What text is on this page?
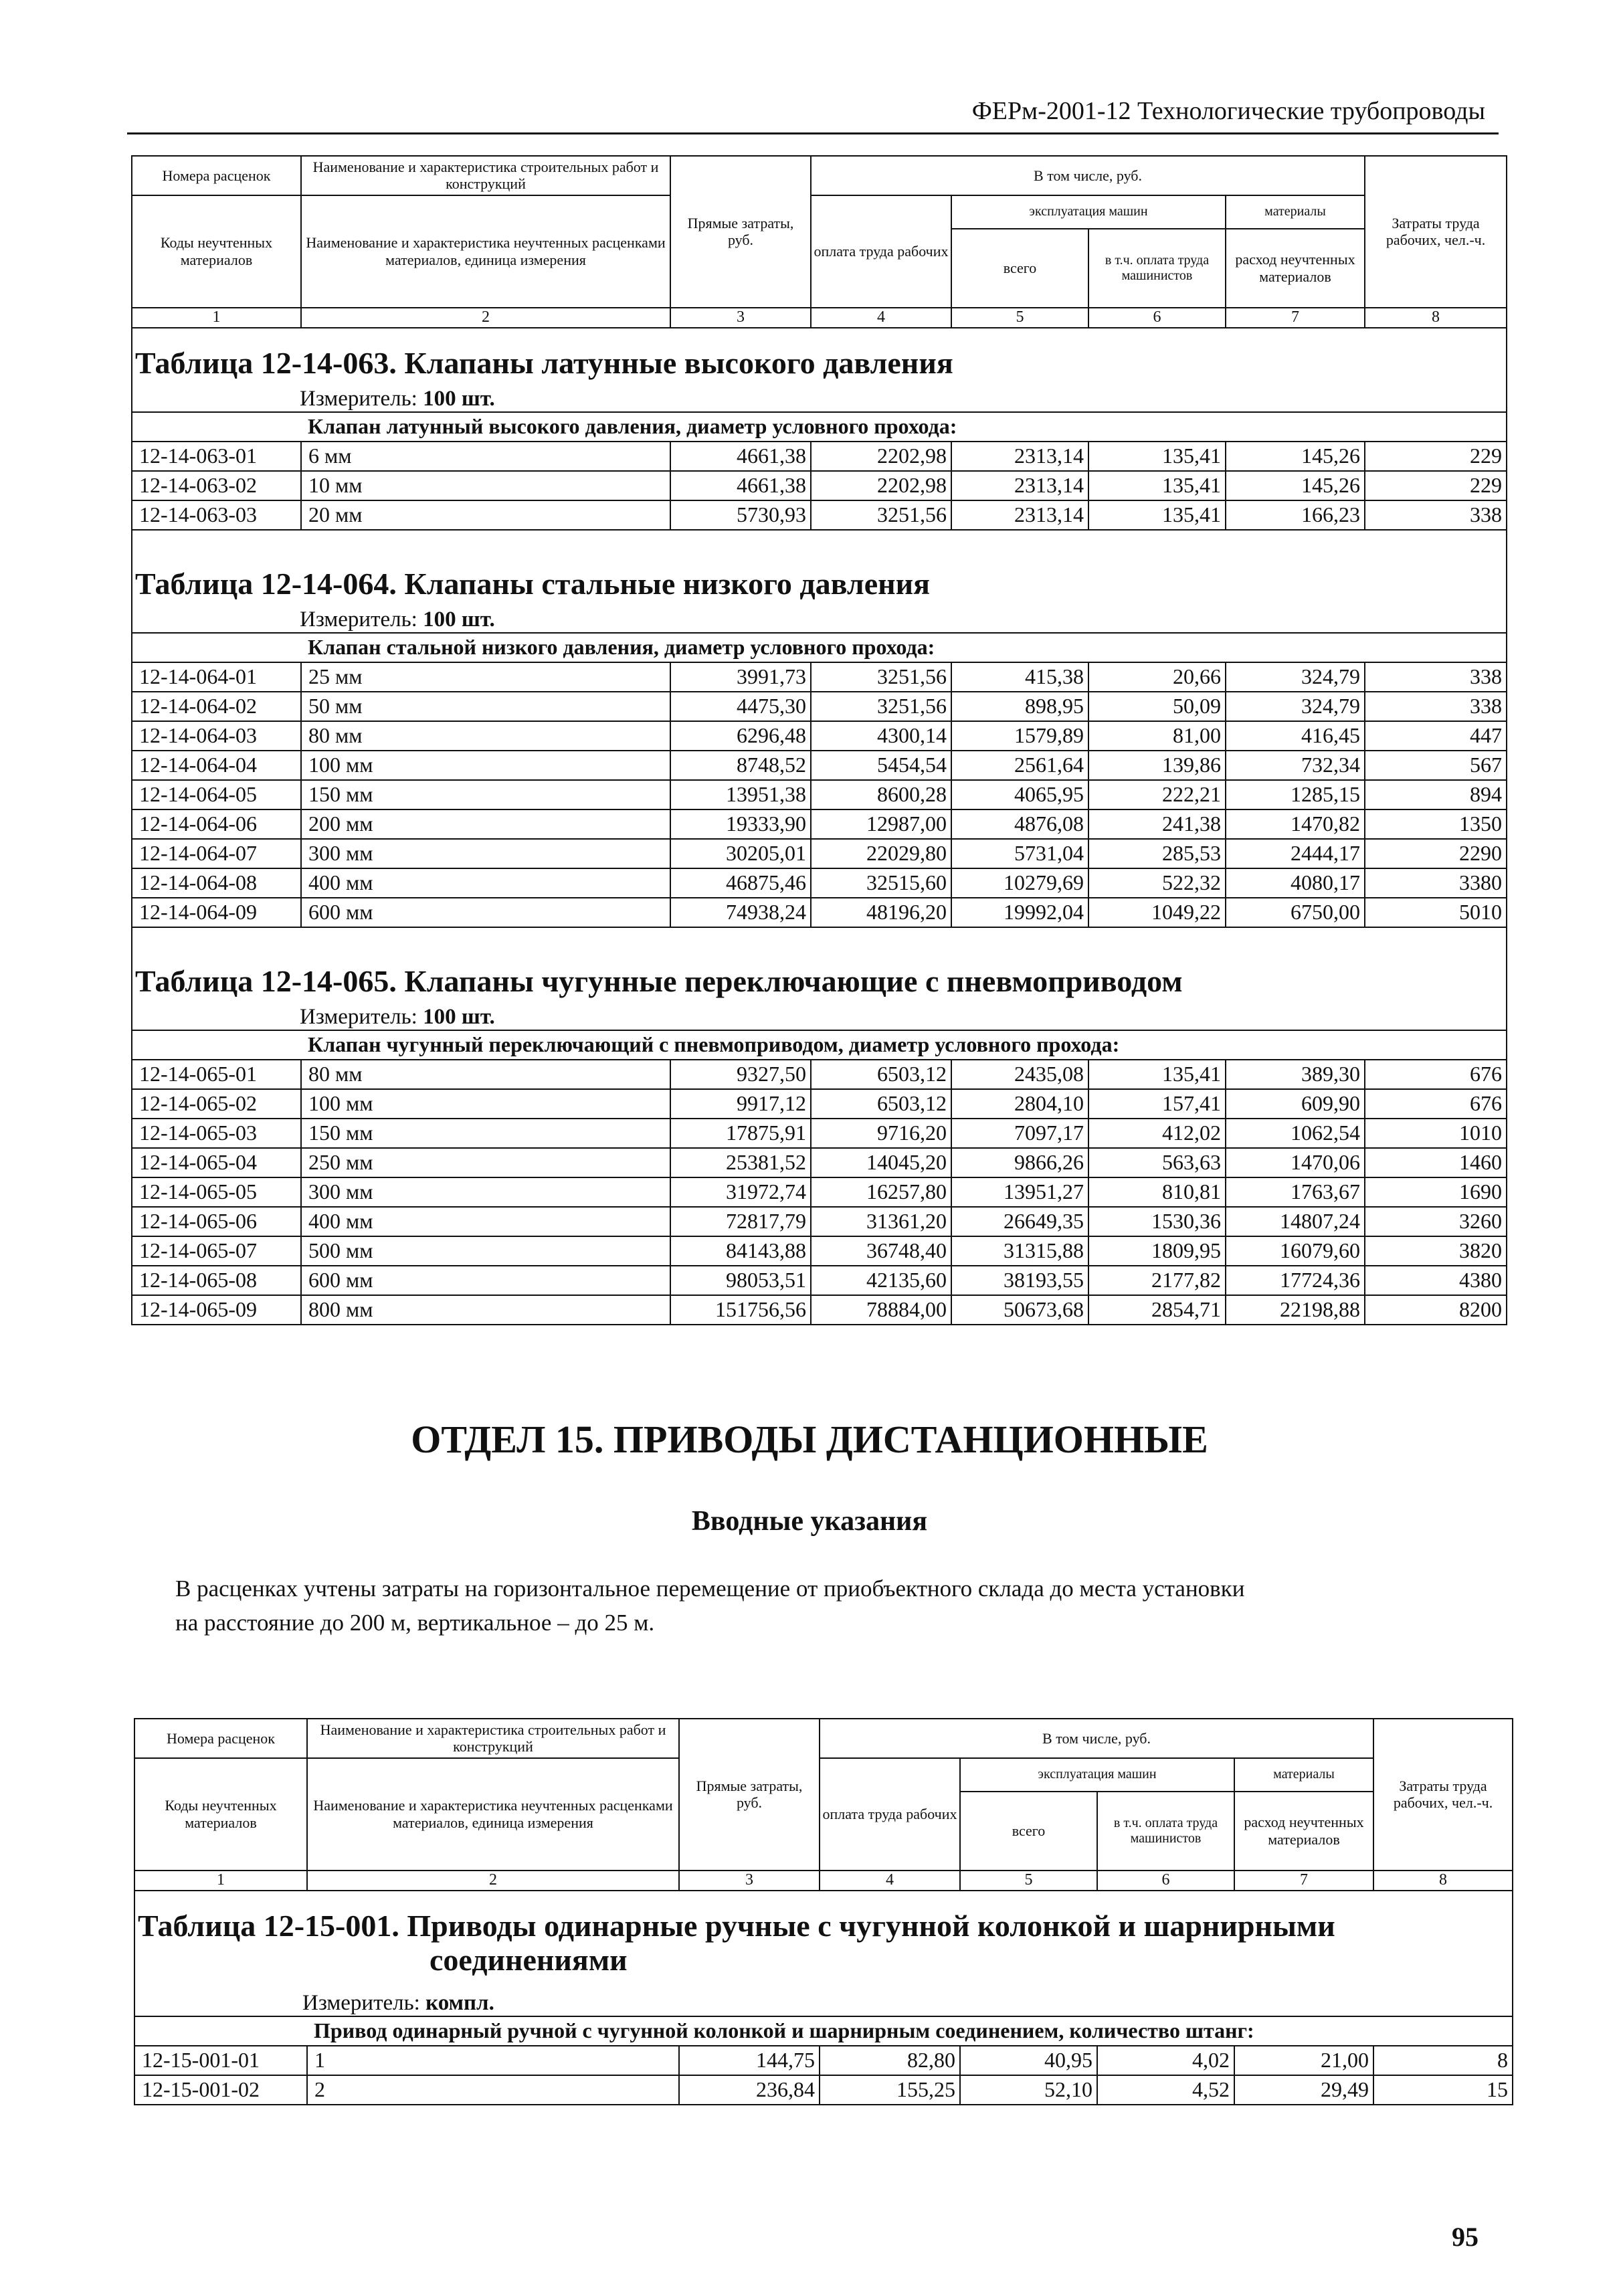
ФЕРм-2001-12 Технологические трубопроводы
Номера расценок	Наименование и характеристика строительных работ и конструкций	Прямые затраты, руб.	В том числе, руб.				Затраты труда рабочих, чел.-ч.
Коды неучтенных материалов	Наименование и характеристика неучтенных расценками материалов, единица измерения		оплата труда рабочих	эксплуатация машин		материалы	
				всего	в т.ч. оплата труда машинистов	расход неучтенных материалов	
1	2	3	4	5	6	7	8
Таблица 12-14-063. Клапаны латунные высокого давления							
Измеритель: 100 шт.							
	Клапан латунный высокого давления, диаметр условного прохода:						
12-14-063-01	6 мм	4661,38	2202,98	2313,14	135,41	145,26	229
12-14-063-02	10 мм	4661,38	2202,98	2313,14	135,41	145,26	229
12-14-063-03	20 мм	5730,93	3251,56	2313,14	135,41	166,23	338

Таблица 12-14-064. Клапаны стальные низкого давления							
Измеритель: 100 шт.							
	Клапан стальной низкого давления, диаметр условного прохода:						
12-14-064-01	25 мм	3991,73	3251,56	415,38	20,66	324,79	338
12-14-064-02	50 мм	4475,30	3251,56	898,95	50,09	324,79	338
12-14-064-03	80 мм	6296,48	4300,14	1579,89	81,00	416,45	447
12-14-064-04	100 мм	8748,52	5454,54	2561,64	139,86	732,34	567
12-14-064-05	150 мм	13951,38	8600,28	4065,95	222,21	1285,15	894
12-14-064-06	200 мм	19333,90	12987,00	4876,08	241,38	1470,82	1350
12-14-064-07	300 мм	30205,01	22029,80	5731,04	285,53	2444,17	2290
12-14-064-08	400 мм	46875,46	32515,60	10279,69	522,32	4080,17	3380
12-14-064-09	600 мм	74938,24	48196,20	19992,04	1049,22	6750,00	5010

Таблица 12-14-065. Клапаны чугунные переключающие с пневмоприводом							
Измеритель: 100 шт.							
	Клапан чугунный переключающий с пневмоприводом, диаметр условного прохода:						
12-14-065-01	80 мм	9327,50	6503,12	2435,08	135,41	389,30	676
12-14-065-02	100 мм	9917,12	6503,12	2804,10	157,41	609,90	676
12-14-065-03	150 мм	17875,91	9716,20	7097,17	412,02	1062,54	1010
12-14-065-04	250 мм	25381,52	14045,20	9866,26	563,63	1470,06	1460
12-14-065-05	300 мм	31972,74	16257,80	13951,27	810,81	1763,67	1690
12-14-065-06	400 мм	72817,79	31361,20	26649,35	1530,36	14807,24	3260
12-14-065-07	500 мм	84143,88	36748,40	31315,88	1809,95	16079,60	3820
12-14-065-08	600 мм	98053,51	42135,60	38193,55	2177,82	17724,36	4380
12-14-065-09	800 мм	151756,56	78884,00	50673,68	2854,71	22198,88	8200
ОТДЕЛ 15. ПРИВОДЫ ДИСТАНЦИОННЫЕ
Вводные указания
В расценках учтены затраты на горизонтальное перемещение от приобъектного склада до места установки
на расстояние до 200 м, вертикальное – до 25 м.
Номера расценок	Наименование и характеристика строительных работ и конструкций	Прямые затраты, руб.	В том числе, руб.				Затраты труда рабочих, чел.-ч.
Коды неучтенных материалов	Наименование и характеристика неучтенных расценками материалов, единица измерения		оплата труда рабочих	эксплуатация машин		материалы	
				всего	в т.ч. оплата труда машинистов	расход неучтенных материалов	
1	2	3	4	5	6	7	8
Таблица 12-15-001. Приводы одинарные ручные с чугунной колонкой и шарнирными							
соединениями							
Измеритель: компл.							
	Привод одинарный ручной с чугунной колонкой и шарнирным соединением, количество штанг:						
12-15-001-01	1	144,75	82,80	40,95	4,02	21,00	8
12-15-001-02	2	236,84	155,25	52,10	4,52	29,49	15
95
